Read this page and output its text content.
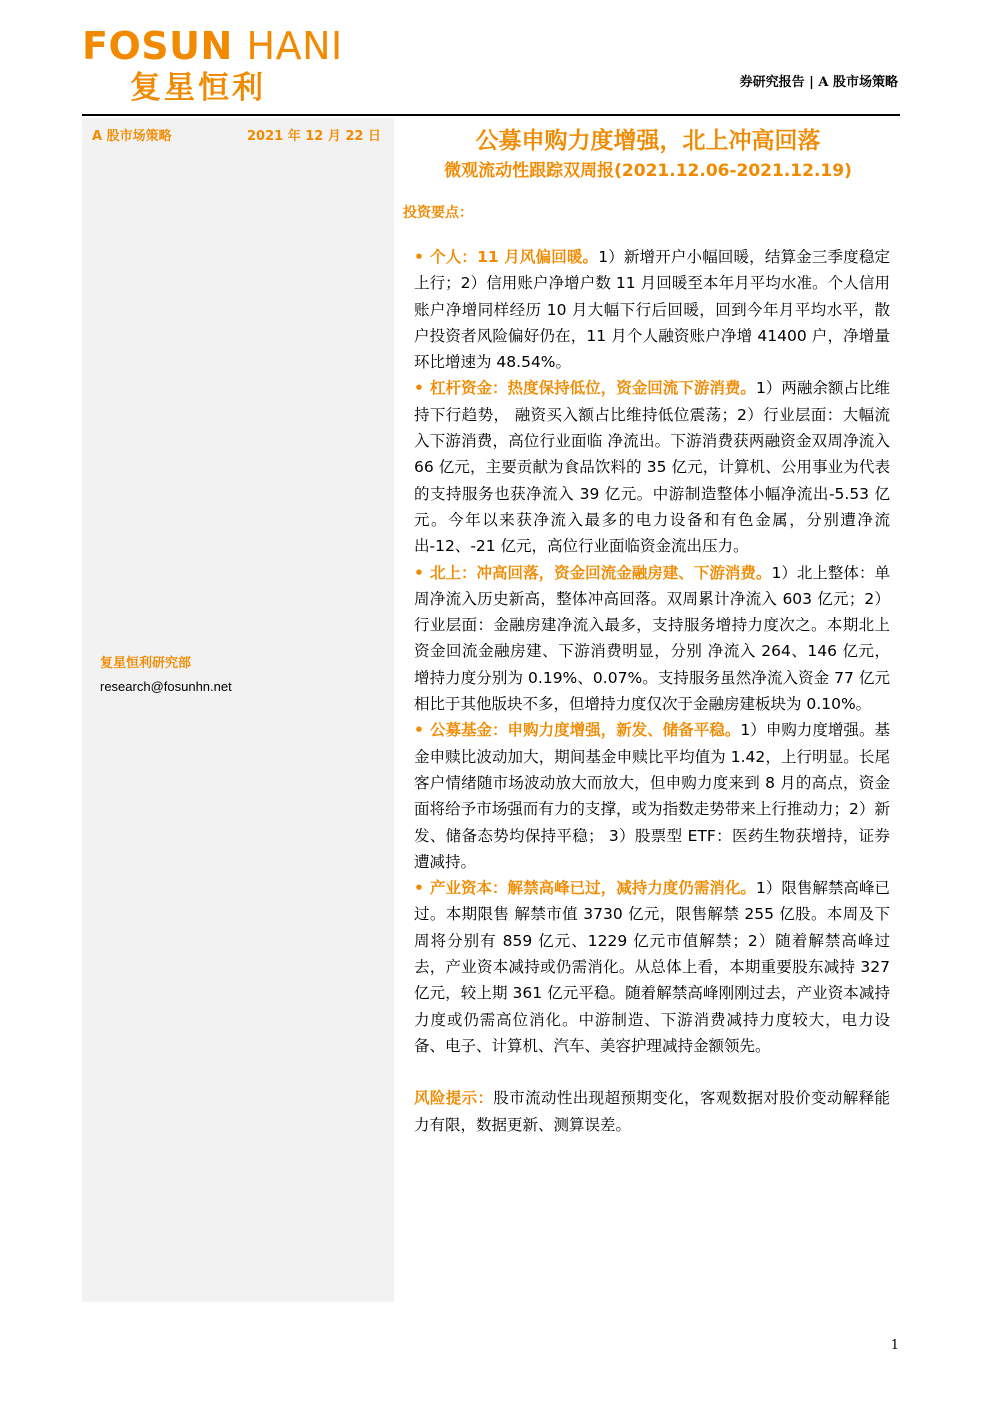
FOSUN HANI
复星恒利	券研究报告 | A 股市场策略
A 股市场策略	2021 年 12 月 22 日
复星恒利研究部
research@fosunhn.net
公募申购力度增强，北上冲高回落
微观流动性跟踪双周报(2021.12.06-2021.12.19)
投资要点：

• 个人：11 月风偏回暖。1）新增开户小幅回暖，结算金三季度稳定上行；2）信用账户净增户数 11 月回暖至本年月平均水准。个人信用账户净增同样经历 10 月大幅下行后回暖，回到今年月平均水平，散户投资者风险偏好仍在，11 月个人融资账户净增 41400 户，净增量环比增速为 48.54%。

• 杠杆资金：热度保持低位，资金回流下游消费。1）两融余额占比维持下行趋势， 融资买入额占比维持低位震荡；2）行业层面：大幅流入下游消费，高位行业面临 净流出。下游消费获两融资金双周净流入 66 亿元，主要贡献为食品饮料的 35 亿元，计算机、公用事业为代表的支持服务也获净流入 39 亿元。中游制造整体小幅净流出-5.53 亿元。今年以来获净流入最多的电力设备和有色金属，分别遭净流出-12、-21 亿元，高位行业面临资金流出压力。

• 北上：冲高回落，资金回流金融房建、下游消费。1）北上整体：单周净流入历史新高，整体冲高回落。双周累计净流入 603 亿元；2）行业层面：金融房建净流入最多，支持服务增持力度次之。本期北上资金回流金融房建、下游消费明显，分别 净流入 264、146 亿元，增持力度分别为 0.19%、0.07%。支持服务虽然净流入资金 77 亿元相比于其他版块不多，但增持力度仅次于金融房建板块为 0.10%。

• 公募基金：申购力度增强，新发、储备平稳。1）申购力度增强。基金申赎比波动加大，期间基金申赎比平均值为 1.42，上行明显。长尾客户情绪随市场波动放大而放大，但申购力度来到 8 月的高点，资金面将给予市场强而有力的支撑，或为指数走势带来上行推动力；2）新发、储备态势均保持平稳； 3）股票型 ETF：医药生物获增持，证券遭减持。

• 产业资本：解禁高峰已过，减持力度仍需消化。1）限售解禁高峰已过。本期限售 解禁市值 3730 亿元，限售解禁 255 亿股。本周及下周将分别有 859 亿元、1229 亿元市值解禁；2）随着解禁高峰过去，产业资本减持或仍需消化。从总体上看，本期重要股东减持 327 亿元，较上期 361 亿元平稳。随着解禁高峰刚刚过去，产业资本减持力度或仍需高位消化。中游制造、下游消费减持力度较大，电力设备、电子、计算机、汽车、美容护理减持金额领先。

风险提示：股市流动性出现超预期变化，客观数据对股价变动解释能力有限，数据更新、测算误差。

1
